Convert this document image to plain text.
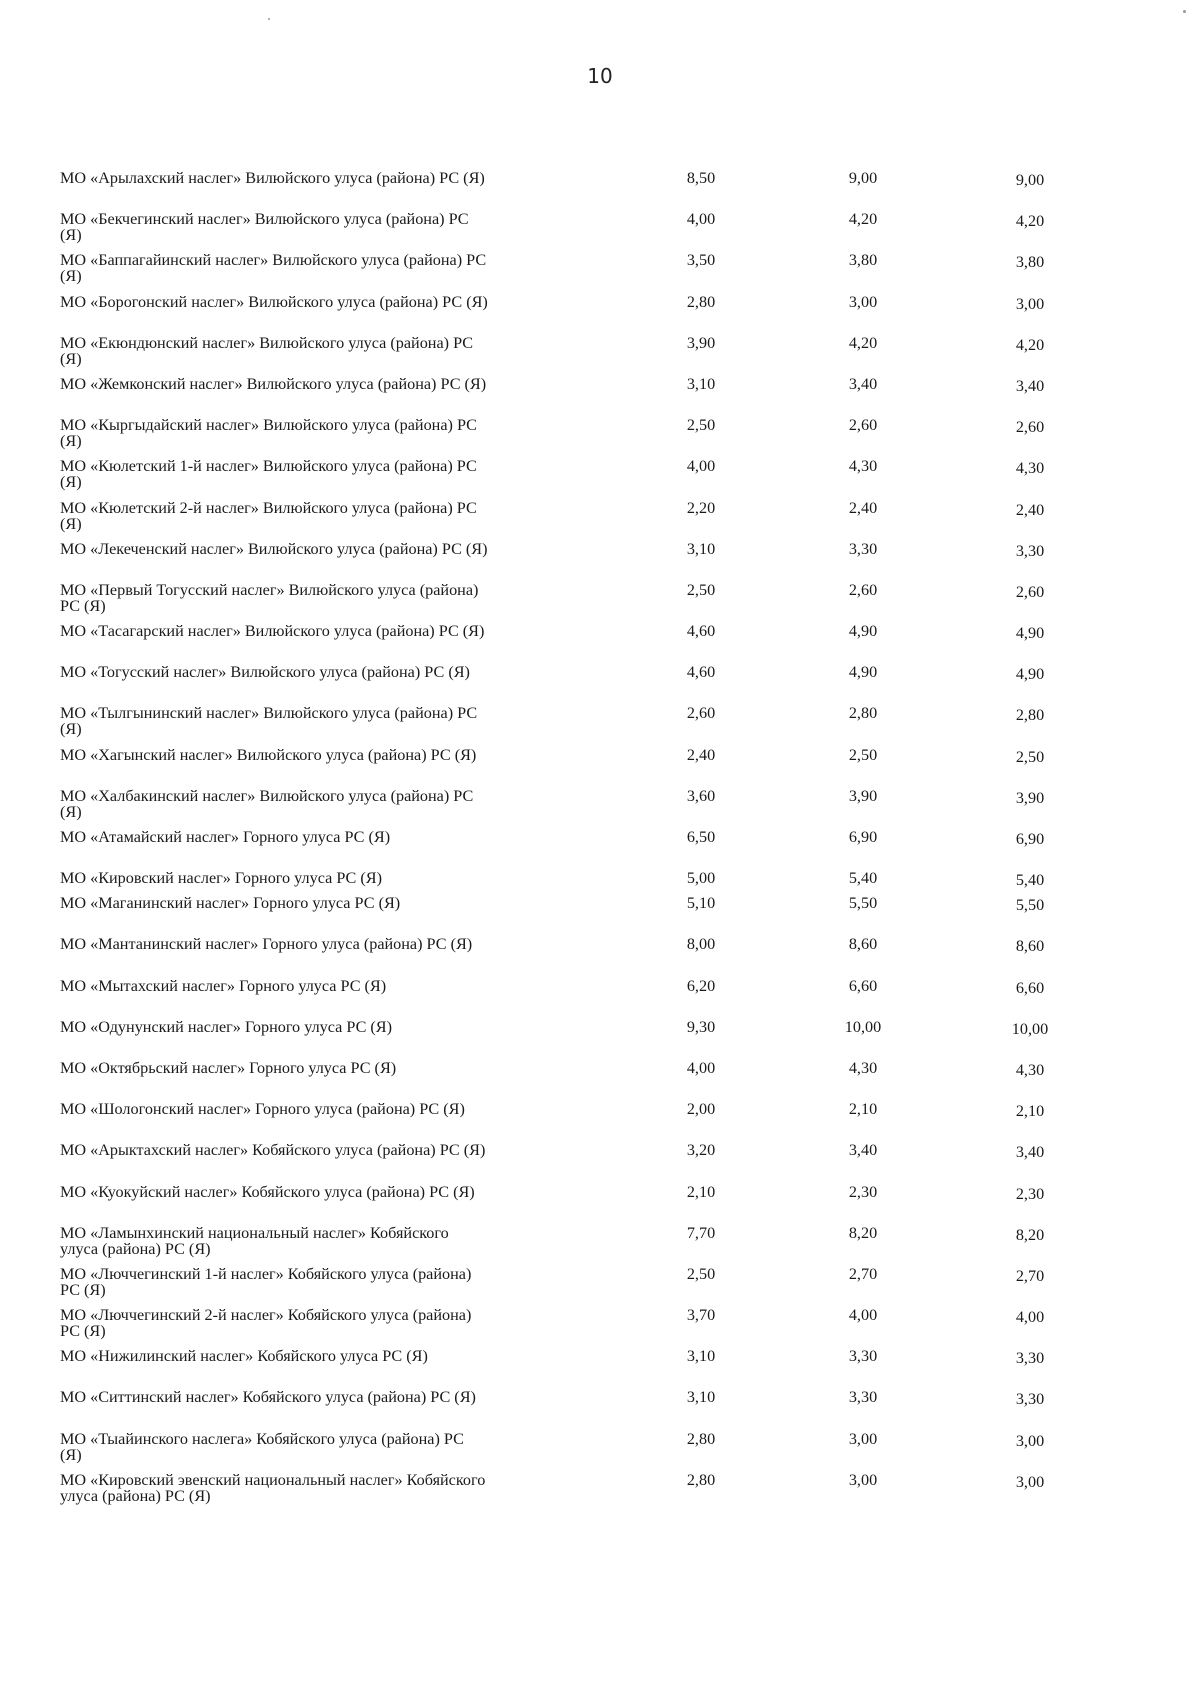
10
МО «Арылахский наслег» Вилюйского улуса (района) РС (Я)	8,50	9,00	9,00
МО «Бекчегинский наслег» Вилюйского улуса (района) РС
(Я)
4,00	4,20	4,20
МО «Баппагайинский наслег» Вилюйского улуса (района) РС
(Я)
3,50	3,80	3,80
МО «Борогонский наслег» Вилюйского улуса (района) РС (Я)	2,80	3,00	3,00
МО «Екюндюнский наслег» Вилюйского улуса (района) РС
(Я)
3,90	4,20	4,20
МО «Жемконский наслег» Вилюйского улуса (района) РС (Я)	3,10	3,40	3,40
МО «Кыргыдайский наслег» Вилюйского улуса (района) РС
(Я)
2,50	2,60	2,60
МО «Кюлетский 1-й наслег» Вилюйского улуса (района) РС
(Я)
4,00	4,30	4,30
МО «Кюлетский 2-й наслег» Вилюйского улуса (района) РС
(Я)
2,20	2,40	2,40
МО «Лекеченский наслег» Вилюйского улуса (района) РС (Я)	3,10	3,30	3,30
МО «Первый Тогусский наслег» Вилюйского улуса (района)
РС (Я)
2,50	2,60	2,60
МО «Тасагарский наслег» Вилюйского улуса (района) РС (Я)	4,60	4,90	4,90
МО «Тогусский наслег» Вилюйского улуса (района) РС (Я)	4,60	4,90	4,90
МО «Тылгынинский наслег» Вилюйского улуса (района) РС
(Я)
2,60	2,80	2,80
МО «Хагынский наслег» Вилюйского улуса (района) РС (Я)	2,40	2,50	2,50
МО «Халбакинский наслег» Вилюйского улуса (района) РС
(Я)
3,60	3,90	3,90
МО «Атамайский наслег» Горного улуса РС (Я)	6,50	6,90	6,90
МО «Кировский наслег» Горного улуса РС (Я)	5,00	5,40	5,40
МО «Маганинский наслег» Горного улуса РС (Я)	5,10	5,50	5,50
МО «Мантанинский наслег» Горного улуса (района) РС (Я)	8,00	8,60	8,60
МО «Мытахский наслег» Горного улуса РС (Я)	6,20	6,60	6,60
МО «Одунунский наслег» Горного улуса РС (Я)	9,30	10,00	10,00
МО «Октябрьский наслег» Горного улуса РС (Я)	4,00	4,30	4,30
МО «Шологонский наслег» Горного улуса (района) РС (Я)	2,00	2,10	2,10
МО «Арыктахский наслег» Кобяйского улуса (района) РС (Я)	3,20	3,40	3,40
МО «Куокуйский наслег» Кобяйского улуса (района) РС (Я)	2,10	2,30	2,30
МО «Ламынхинский национальный наслег» Кобяйского
улуса (района) РС (Я)
7,70	8,20	8,20
МО «Люччегинский 1-й наслег» Кобяйского улуса (района)
РС (Я)
2,50	2,70	2,70
МО «Люччегинский 2-й наслег» Кобяйского улуса (района)
РС (Я)
3,70	4,00	4,00
МО «Нижилинский наслег» Кобяйского улуса РС (Я)	3,10	3,30	3,30
МО «Ситтинский наслег» Кобяйского улуса (района) РС (Я)	3,10	3,30	3,30
МО «Тыайинского наслега» Кобяйского улуса (района) РС
(Я)
2,80	3,00	3,00
МО «Кировский эвенский национальный наслег» Кобяйского
улуса (района) РС (Я)
2,80	3,00	3,00
